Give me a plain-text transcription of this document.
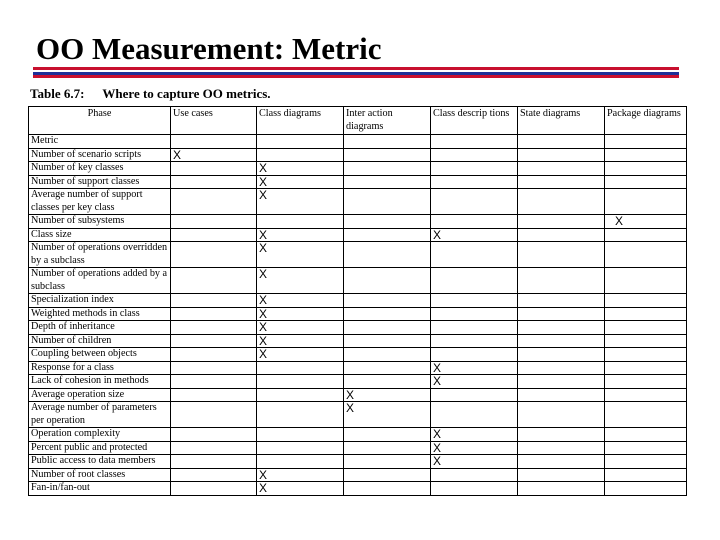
OO Measurement: Metric
Table 6.7: Where to capture OO metrics.
Phase	Use cases	Class diagrams	Inter action diagrams	Class descrip tions	State diagrams	Package diagrams
Metric						
Number of scenario scripts	X					
Number of key classes		X				
Number of support classes		X				
Average number of support classes per key class		X				
Number of subsystems						X
Class size		X		X		
Number of operations overridden by a subclass		X				
Number of operations added by a subclass		X				
Specialization index		X				
Weighted methods in class		X				
Depth of inheritance		X				
Number of children		X				
Coupling between objects		X				
Response for a class				X		
Lack of cohesion in methods				X		
Average operation size			X			
Average number of parameters per operation			X			
Operation complexity				X		
Percent public and protected				X		
Public access to data members				X		
Number of root classes		X				
Fan-in/fan-out		X				
